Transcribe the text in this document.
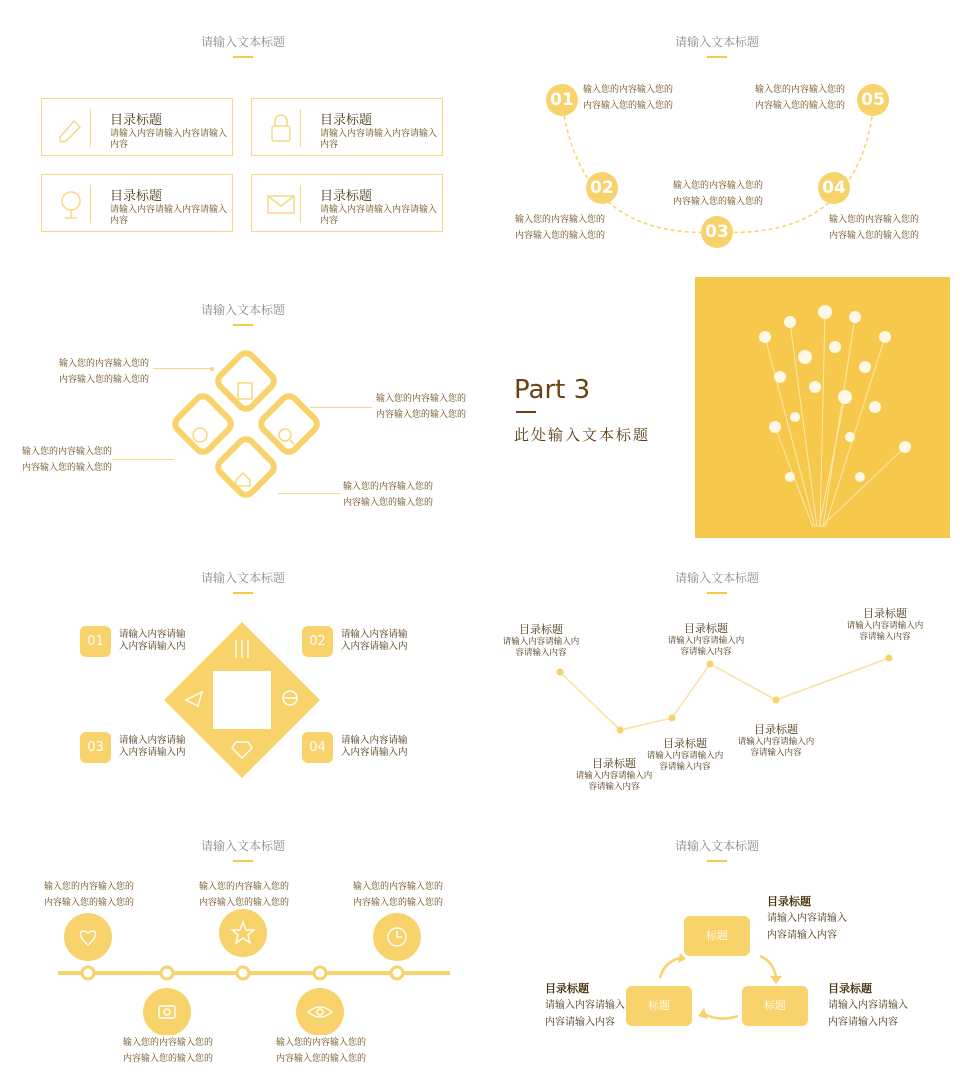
请输入文本标题
目录标题
请输入内容请输入内容请输入内容
目录标题
请输入内容请输入内容请输入内容
目录标题
请输入内容请输入内容请输入内容
目录标题
请输入内容请输入内容请输入内容
请输入文本标题
01
02
03
04
05
输入您的内容输入您的
内容输入您的输入您的
输入您的内容输入您的
内容输入您的输入您的
输入您的内容输入您的
内容输入您的输入您的
输入您的内容输入您的
内容输入您的输入您的
输入您的内容输入您的
内容输入您的输入您的
请输入文本标题
输入您的内容输入您的
内容输入您的输入您的
输入您的内容输入您的
内容输入您的输入您的
输入您的内容输入您的
内容输入您的输入您的
输入您的内容输入您的
内容输入您的输入您的
Part 3
此处输入文本标题
请输入文本标题
01	02
03	04
请输入内容请输
入内容请输入内
请输入内容请输
入内容请输入内
请输入内容请输
入内容请输入内
请输入内容请输
入内容请输入内
请输入文本标题
目录标题
请输入内容请输入内
容请输入内容
目录标题
请输入内容请输入内
容请输入内容
目录标题
请输入内容请输入内
容请输入内容
目录标题
请输入内容请输入内
容请输入内容
目录标题
请输入内容请输入内
容请输入内容
目录标题
请输入内容请输入内
容请输入内容
请输入文本标题
输入您的内容输入您的
内容输入您的输入您的
输入您的内容输入您的
内容输入您的输入您的
输入您的内容输入您的
内容输入您的输入您的
输入您的内容输入您的
内容输入您的输入您的
输入您的内容输入您的
内容输入您的输入您的
请输入文本标题
标题
标题	标题
目录标题
请输入内容请输入
内容请输入内容
目录标题
请输入内容请输入
内容请输入内容
目录标题
请输入内容请输入
内容请输入内容
